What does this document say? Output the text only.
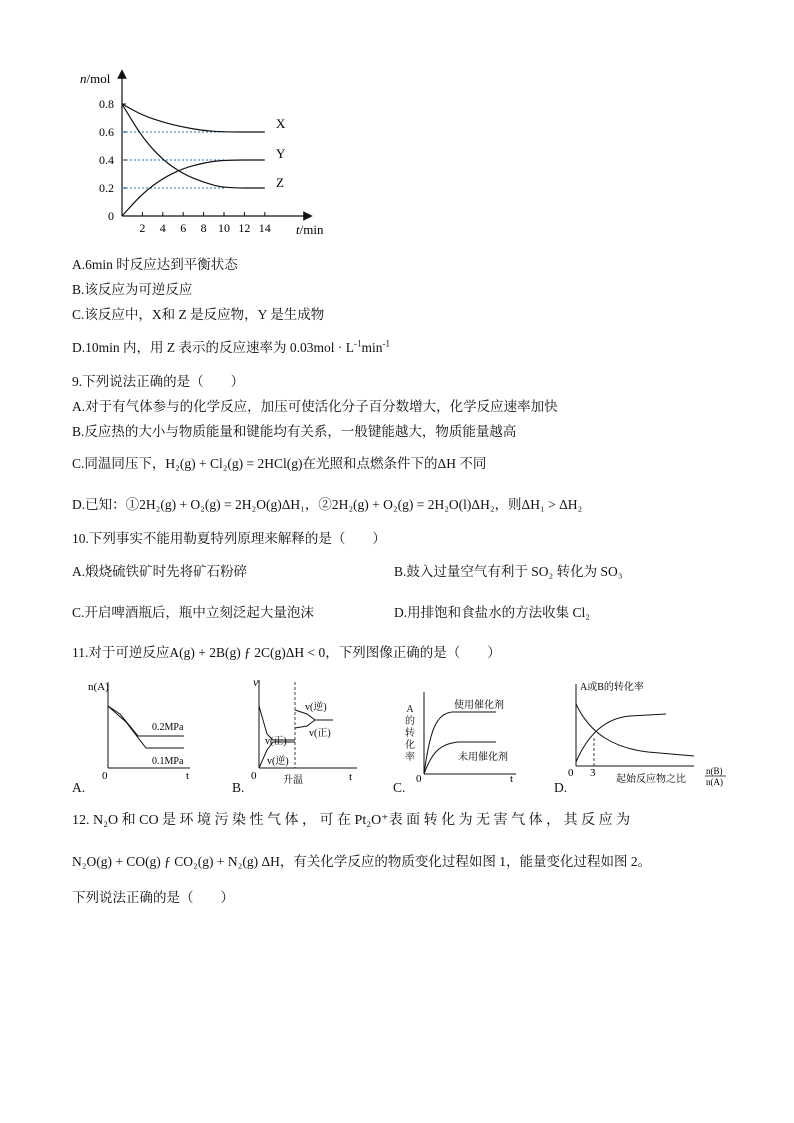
2 4 6 8 10 12 14
0
0.2
0.4
0.6
0.8
n/mol
t/min
X
Y
Z
A.6min 时反应达到平衡状态
B.该反应为可逆反应
C.该反应中，X和 Z 是反应物，Y 是生成物
D.10min 内，用 Z 表示的反应速率为 $0.03mol \cdot L^{-1}\min^{-1}$
9.下列说法正确的是（　　）
A.对于有气体参与的化学反应，加压可使活化分子百分数增大，化学反应速率加快
B.反应热的大小与物质能量和键能均有关系，一般键能越大，物质能量越高
C.同温同压下，H₂(g) + Cl₂(g) = 2HCl(g)在光照和点燃条件下的ΔH 不同
D.已知：①2H₂(g) + O₂(g) = 2H₂O(g)ΔH₁，②2H₂(g) + O₂(g) = 2H₂O(l)ΔH₂，则ΔH₁ > ΔH₂
10.下列事实不能用勒夏特列原理来解释的是（　　）
A.煅烧硫铁矿时先将矿石粉碎	B.鼓入过量空气有利于 SO₂ 转化为 SO₃
C.开启啤酒瓶后，瓶中立刻泛起大量泡沫	D.用排饱和食盐水的方法收集 Cl₂
11.对于可逆反应A(g) + 2B(g) ƒ 2C(g)ΔH < 0，下列图像正确的是（　　）
n(A)
t
0
0.2MPa
0.1MPa
A.
v
t
0
v(正)
v(逆)
v(逆)
v(正)
升温
B.
0	t
使用催化剂
未用催化剂
A的转化率
C.
A或B的转化率
0 3
起始反应物之比
n(B)
n(A)
D.
12. N₂O 和 CO 是 环 境 污 染 性 气 体 ， 可 在 Pt₂O⁺表 面 转 化 为 无 害 气 体 ， 其 反 应 为
N₂O(g) + CO(g) ƒ CO₂(g) + N₂(g) ΔH，有关化学反应的物质变化过程如图 1，能量变化过程如图 2。
下列说法正确的是（　　）
